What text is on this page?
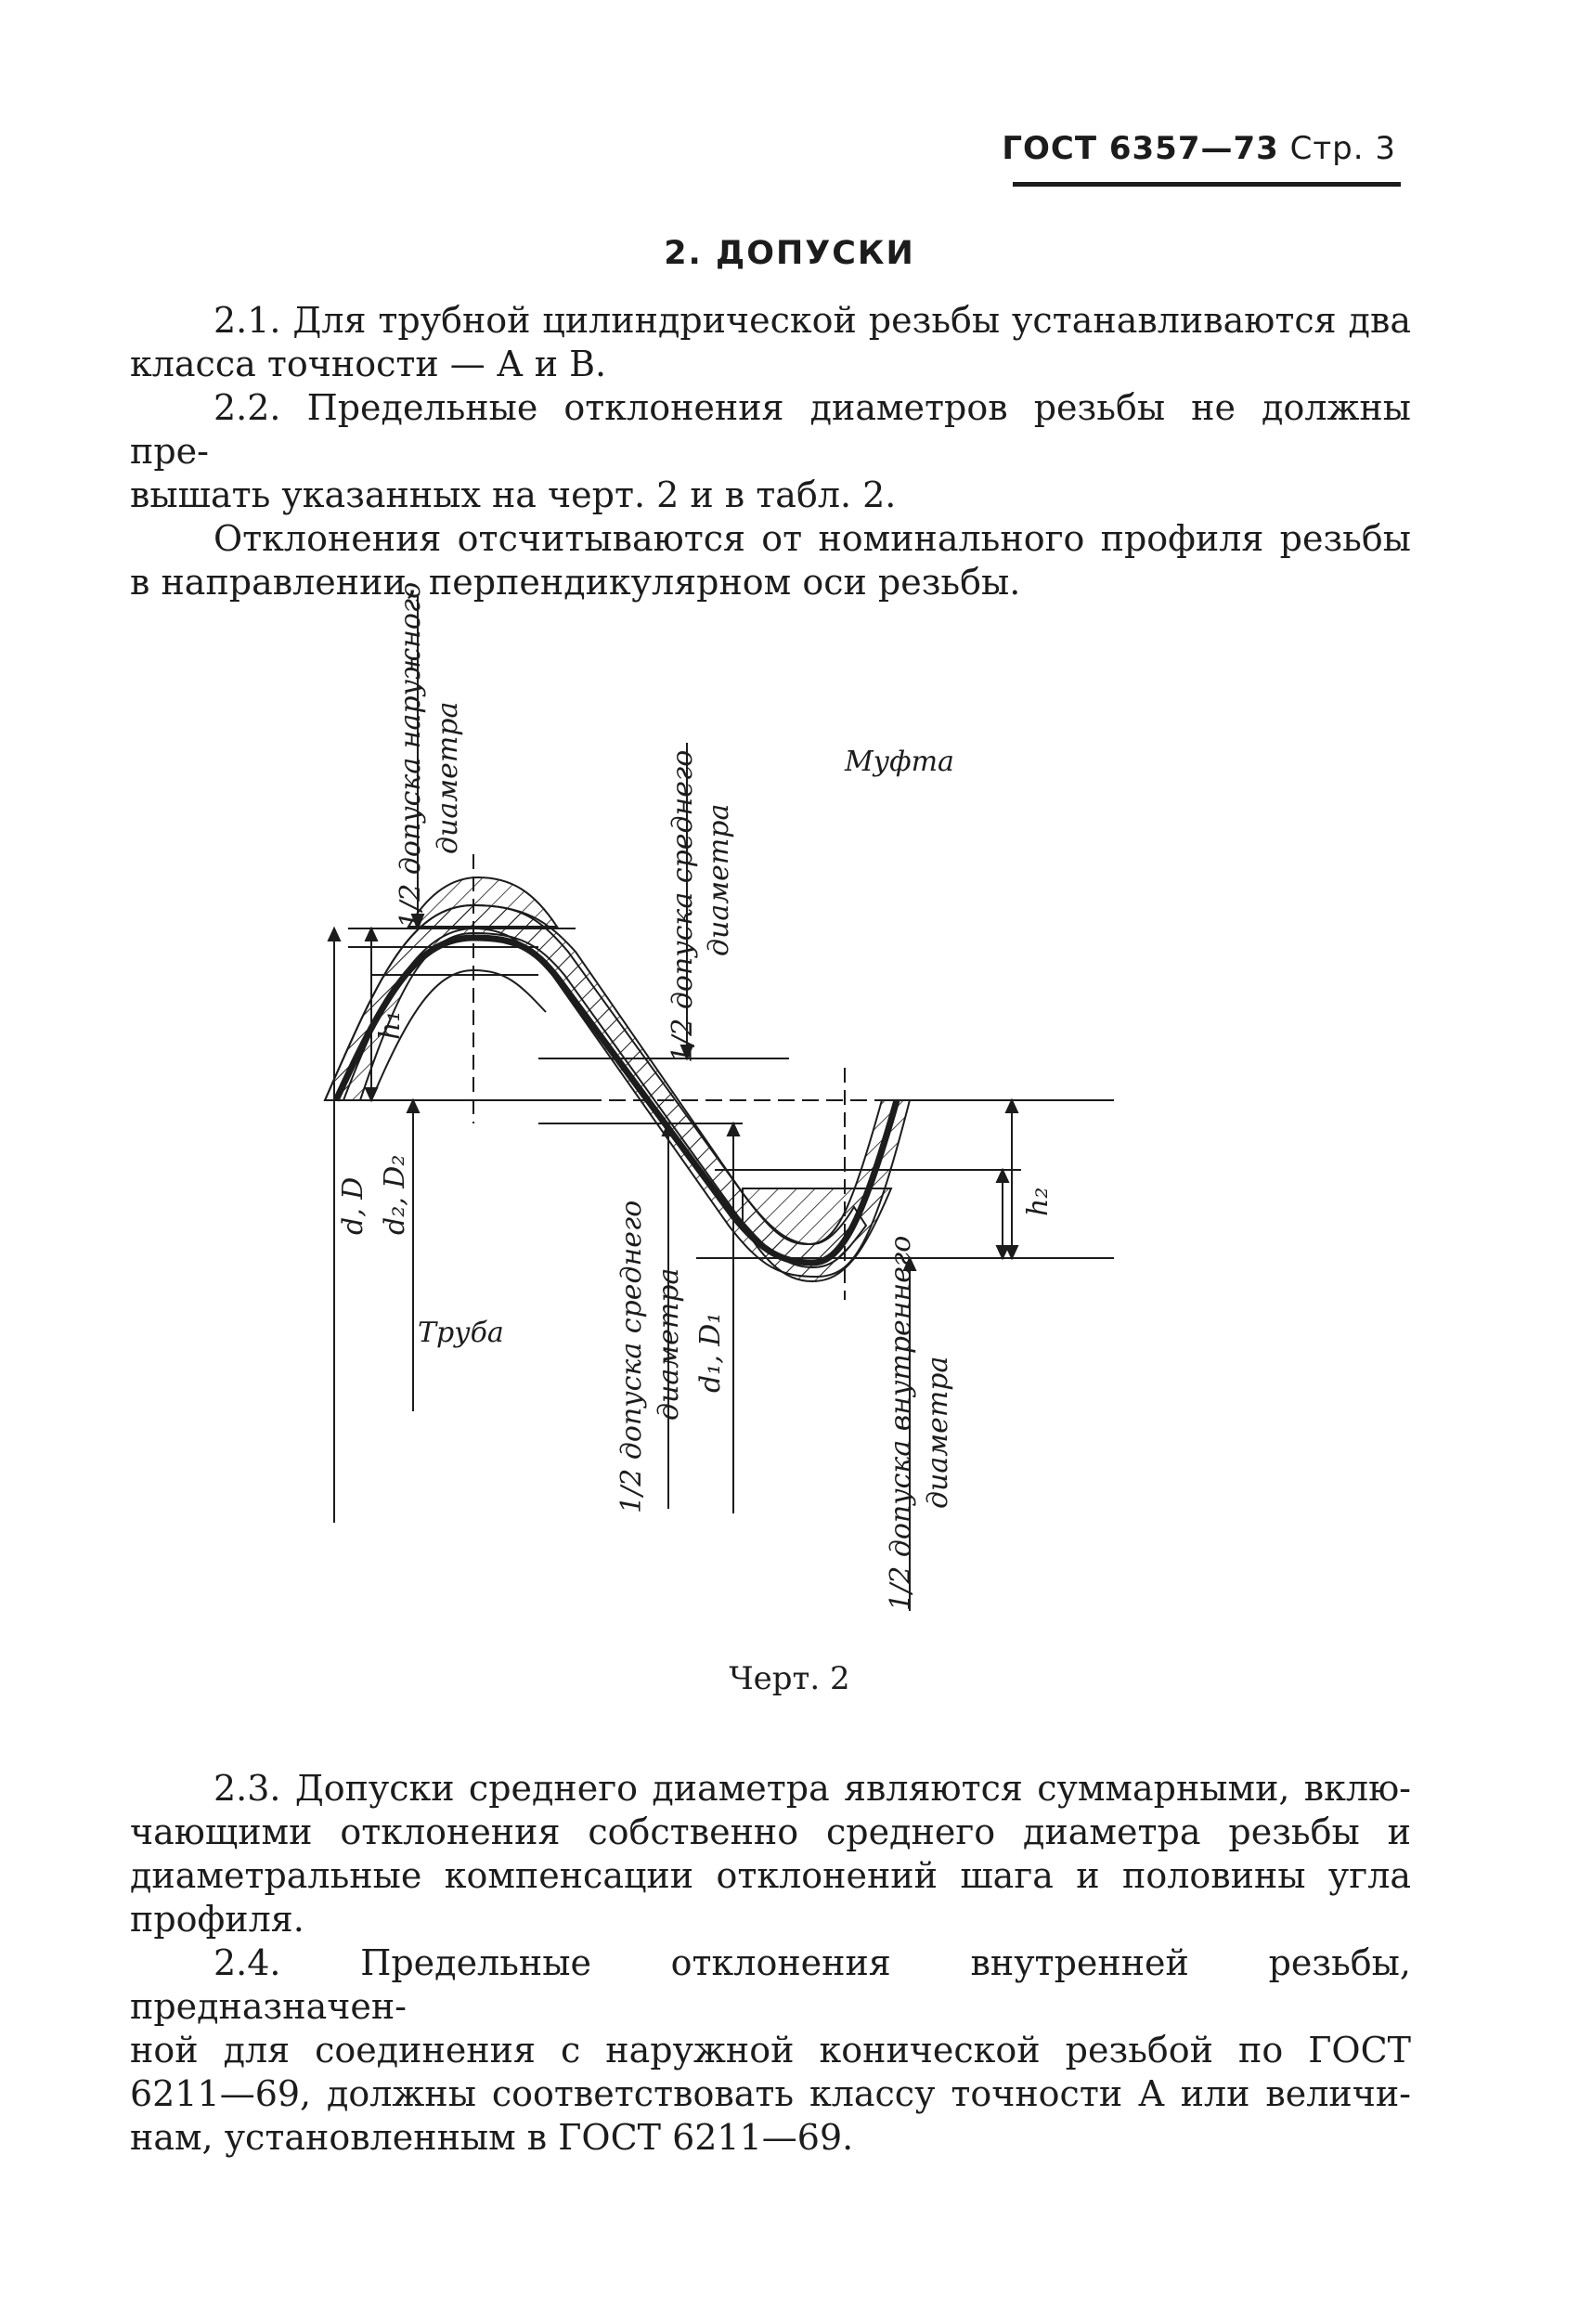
ГОСТ 6357—73 Стр. 3
2. ДОПУСКИ

2.1. Для трубной цилиндрической резьбы устанавливаются два

класса точности — А и В.

2.2. Предельные отклонения диаметров резьбы не должны пре-

вышать указанных на черт. 2 и в табл. 2.

Отклонения отсчитываются от номинального профиля резьбы

в направлении, перпендикулярном оси резьбы.

1/2 допуска наружного диаметра	1/2 допуска среднего диаметра
1/2 допуска среднего диаметра	1/2 допуска внутреннего диаметра
h₁
h₂
d, D d₂, D₂
d₁, D₁
Муфта
Труба
Черт. 2

2.3. Допуски среднего диаметра являются суммарными, вклю-

чающими отклонения собственно среднего диаметра резьбы и

диаметральные компенсации отклонений шага и половины угла

профиля.

2.4. Предельные отклонения внутренней резьбы, предназначен-

ной для соединения с наружной конической резьбой по ГОСТ

6211—69, должны соответствовать классу точности А или величи-

нам, установленным в ГОСТ 6211—69.
